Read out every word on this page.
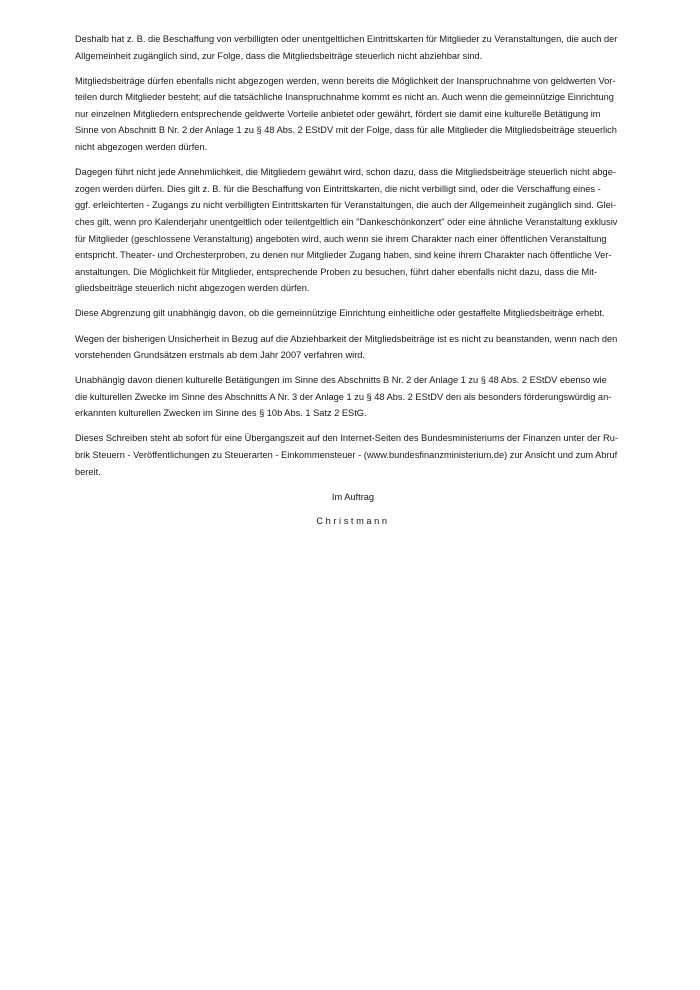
Deshalb hat z. B. die Beschaffung von verbilligten oder unentgeltlichen Eintrittskarten für Mitglieder zu Veranstaltungen, die auch der
Allgemeinheit zugänglich sind, zur Folge, dass die Mitgliedsbeiträge steuerlich nicht abziehbar sind.

Mitgliedsbeiträge dürfen ebenfalls nicht abgezogen werden, wenn bereits die Möglichkeit der Inanspruchnahme von geldwerten Vor-
teilen durch Mitglieder besteht; auf die tatsächliche Inanspruchnahme kommt es nicht an. Auch wenn die gemeinnützige Einrichtung
nur einzelnen Mitgliedern entsprechende geldwerte Vorteile anbietet oder gewährt, fördert sie damit eine kulturelle Betätigung im
Sinne von Abschnitt B Nr. 2 der Anlage 1 zu § 48 Abs. 2 EStDV mit der Folge, dass für alle Mitglieder die Mitgliedsbeiträge steuerlich
nicht abgezogen werden dürfen.

Dagegen führt nicht jede Annehmlichkeit, die Mitgliedern gewährt wird, schon dazu, dass die Mitgliedsbeiträge steuerlich nicht abge-
zogen werden dürfen. Dies gilt z. B. für die Beschaffung von Eintrittskarten, die nicht verbilligt sind, oder die Verschaffung eines -
ggf. erleichterten - Zugangs zu nicht verbilligten Eintrittskarten für Veranstaltungen, die auch der Allgemeinheit zugänglich sind. Glei-
ches gilt, wenn pro Kalenderjahr unentgeltlich oder teilentgeltlich ein "Dankeschönkonzert" oder eine ähnliche Veranstaltung exklusiv
für Mitglieder (geschlossene Veranstaltung) angeboten wird, auch wenn sie ihrem Charakter nach einer öffentlichen Veranstaltung
entspricht. Theater- und Orchesterproben, zu denen nur Mitglieder Zugang haben, sind keine ihrem Charakter nach öffentliche Ver-
anstaltungen. Die Möglichkeit für Mitglieder, entsprechende Proben zu besuchen, führt daher ebenfalls nicht dazu, dass die Mit-
gliedsbeiträge steuerlich nicht abgezogen werden dürfen.

Diese Abgrenzung gilt unabhängig davon, ob die gemeinnützige Einrichtung einheitliche oder gestaffelte Mitgliedsbeiträge erhebt.

Wegen der bisherigen Unsicherheit in Bezug auf die Abziehbarkeit der Mitgliedsbeiträge ist es nicht zu beanstanden, wenn nach den
vorstehenden Grundsätzen erstmals ab dem Jahr 2007 verfahren wird.

Unabhängig davon dienen kulturelle Betätigungen im Sinne des Abschnitts B Nr. 2 der Anlage 1 zu § 48 Abs. 2 EStDV ebenso wie
die kulturellen Zwecke im Sinne des Abschnitts A Nr. 3 der Anlage 1 zu § 48 Abs. 2 EStDV den als besonders förderungswürdig an-
erkannten kulturellen Zwecken im Sinne des § 10b Abs. 1 Satz 2 EStG.

Dieses Schreiben steht ab sofort für eine Übergangszeit auf den Internet-Seiten des Bundesministeriums der Finanzen unter der Ru-
brik Steuern - Veröffentlichungen zu Steuerarten - Einkommensteuer - (www.bundesfinanzministerium.de) zur Ansicht und zum Abruf
bereit.

Im Auftrag
Christmann
